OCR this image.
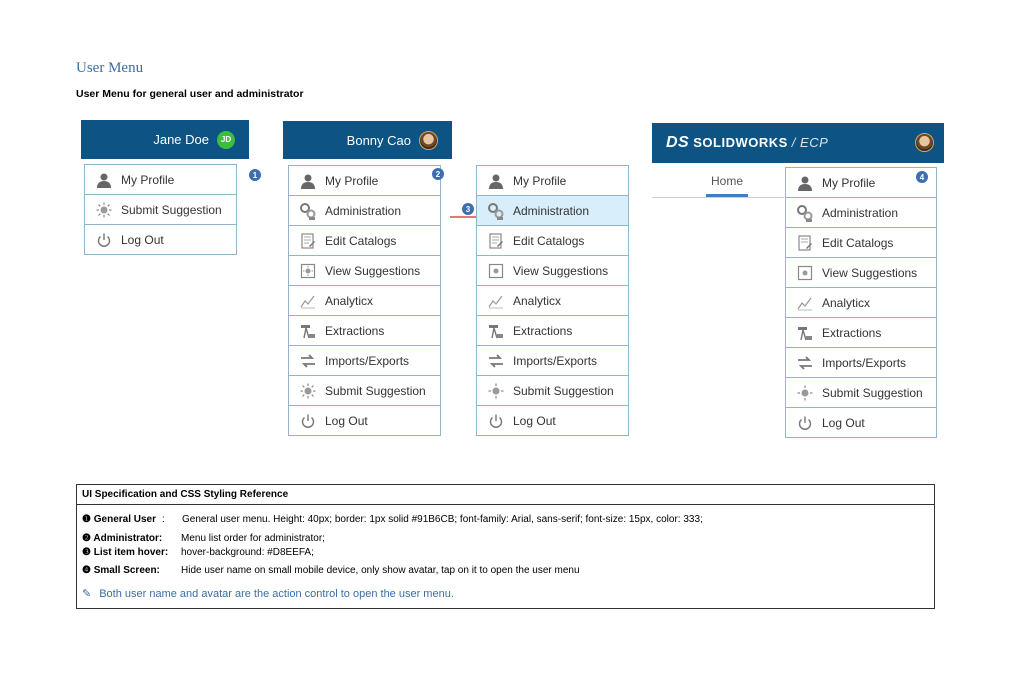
User Menu
User Menu for general user and administrator
Jane Doe	JD
My Profile
Submit Suggestion
Log Out
1
Bonny Cao
My Profile
Administration
Edit Catalogs
View Suggestions
Analyticx
Extractions
Imports/Exports
Submit Suggestion
Log Out
2
3
My Profile
Administration
Edit Catalogs
View Suggestions
Analyticx
Extractions
Imports/Exports
Submit Suggestion
Log Out
DS SOLIDWORKS / ECP
Home	My Profile
Administration
Edit Catalogs
View Suggestions
Analyticx
Extractions
Imports/Exports
Submit Suggestion
Log Out
4
UI Specification and CSS Styling Reference
❶ General User :	General user menu. Height: 40px; border: 1px solid #91B6CB; font-family: Arial, sans-serif; font-size: 15px, color: 333;
❷ Administrator:	Menu list order for administrator;
❸ List item hover:	hover-background: #D8EEFA;
❹ Small Screen:	Hide user name on small mobile device, only show avatar, tap on it to open the user menu
✎ Both user name and avatar are the action control to open the user menu.
